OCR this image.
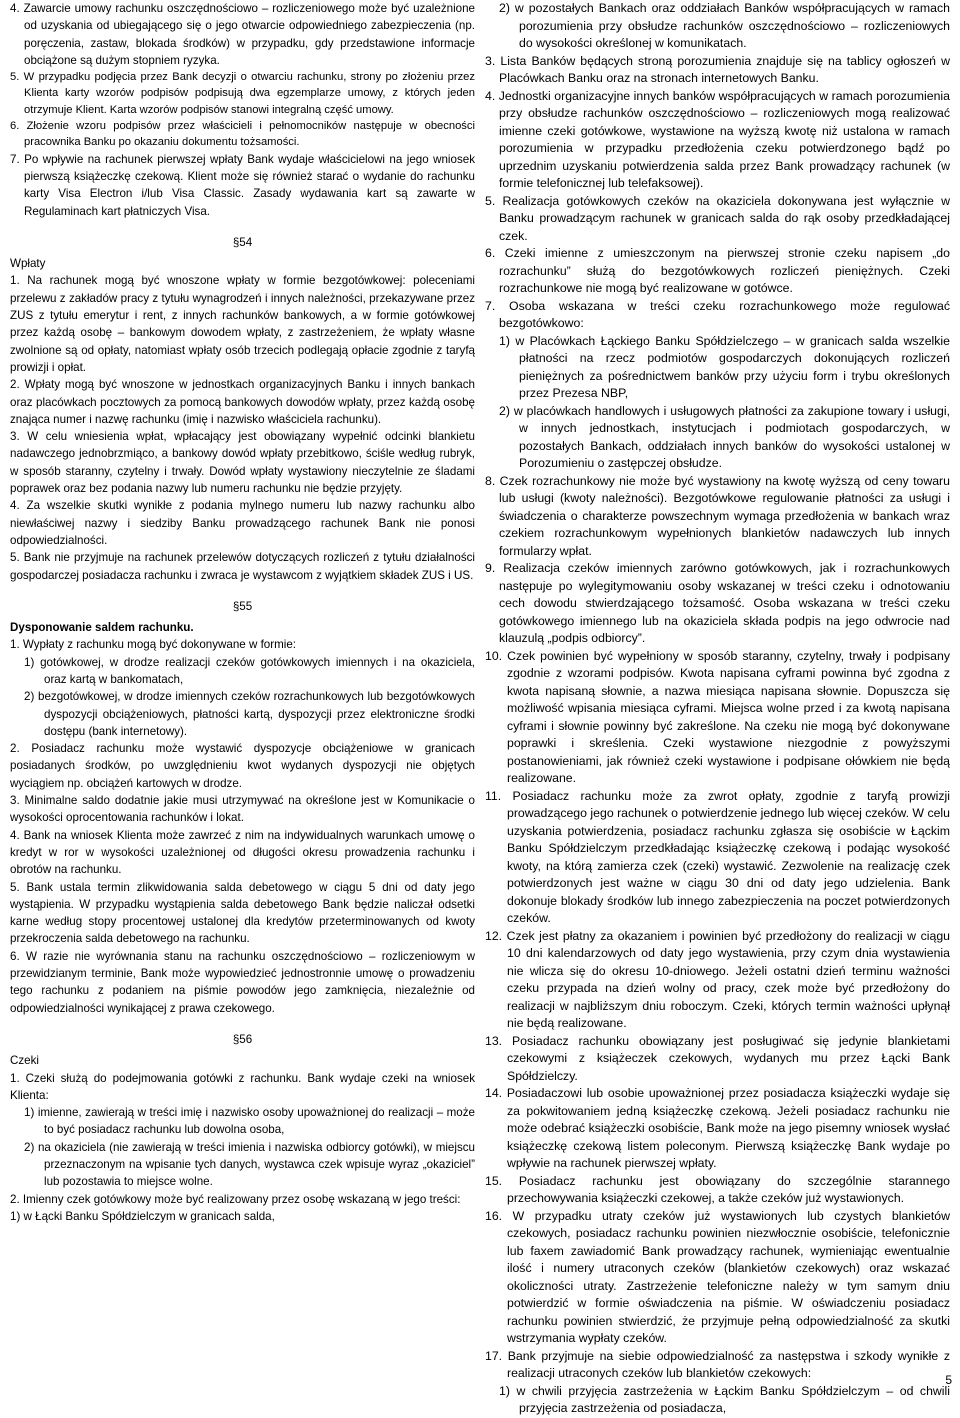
4. Zawarcie umowy rachunku oszczędnościowo – rozliczeniowego może być uzależnione od uzyskania od ubiegającego się o jego otwarcie odpowiedniego zabezpieczenia (np. poręczenia, zastaw, blokada środków) w przypadku, gdy przedstawione informacje obciążone są dużym stopniem ryzyka.

5. W przypadku podjęcia przez Bank decyzji o otwarciu rachunku, strony po złożeniu przez Klienta karty wzorów podpisów podpisują dwa egzemplarze umowy, z których jeden otrzymuje Klient. Karta wzorów podpisów stanowi integralną część umowy.

6. Złożenie wzoru podpisów przez właścicieli i pełnomocników następuje w obecności pracownika Banku po okazaniu dokumentu tożsamości.

7. Po wpływie na rachunek pierwszej wpłaty Bank wydaje właścicielowi na jego wniosek pierwszą książeczkę czekową. Klient może się również starać o wydanie do rachunku karty Visa Electron i/lub Visa Classic. Zasady wydawania kart są zawarte w Regulaminach kart płatniczych Visa.

§54

Wpłaty

1. Na rachunek mogą być wnoszone wpłaty w formie bezgotówkowej: poleceniami przelewu z zakładów pracy z tytułu wynagrodzeń i innych należności, przekazywane przez ZUS z tytułu emerytur i rent, z innych rachunków bankowych, a w formie gotówkowej przez każdą osobę – bankowym dowodem wpłaty, z zastrzeżeniem, że wpłaty własne zwolnione są od opłaty, natomiast wpłaty osób trzecich podlegają opłacie zgodnie z taryfą prowizji i opłat.

2. Wpłaty mogą być wnoszone w jednostkach organizacyjnych Banku i innych bankach oraz placówkach pocztowych za pomocą bankowych dowodów wpłaty, przez każdą osobę znająca numer i nazwę rachunku (imię i nazwisko właściciela rachunku).

3. W celu wniesienia wpłat, wpłacający jest obowiązany wypełnić odcinki blankietu nadawczego jednobrzmiąco, a bankowy dowód wpłaty przebitkowo, ściśle według rubryk, w sposób staranny, czytelny i trwały. Dowód wpłaty wystawiony nieczytelnie ze śladami poprawek oraz bez podania nazwy lub numeru rachunku nie będzie przyjęty.

4. Za wszelkie skutki wynikłe z podania mylnego numeru lub nazwy rachunku albo niewłaściwej nazwy i siedziby Banku prowadzącego rachunek Bank nie ponosi odpowiedzialności.

5. Bank nie przyjmuje na rachunek przelewów dotyczących rozliczeń z tytułu działalności gospodarczej posiadacza rachunku i zwraca je wystawcom z wyjątkiem składek ZUS i US.

§55

Dysponowanie saldem rachunku.

1. Wypłaty z rachunku mogą być dokonywane w formie:

1) gotówkowej, w drodze realizacji czeków gotówkowych imiennych i na okaziciela, oraz kartą w bankomatach,

2) bezgotówkowej, w drodze imiennych czeków rozrachunkowych lub bezgotówkowych dyspozycji obciążeniowych, płatności kartą, dyspozycji przez elektroniczne środki dostępu (bank internetowy).

2. Posiadacz rachunku może wystawić dyspozycje obciążeniowe w granicach posiadanych środków, po uwzględnieniu kwot wydanych dyspozycji nie objętych wyciągiem np. obciążeń kartowych w drodze.

3. Minimalne saldo dodatnie jakie musi utrzymywać na określone jest w Komunikacie o wysokości oprocentowania rachunków i lokat.

4. Bank na wniosek Klienta może zawrzeć z nim na indywidualnych warunkach umowę o kredyt w ror w wysokości uzależnionej od długości okresu prowadzenia rachunku i obrotów na rachunku.

5. Bank ustala termin zlikwidowania salda debetowego w ciągu 5 dni od daty jego wystąpienia. W przypadku wystąpienia salda debetowego Bank będzie naliczał odsetki karne według stopy procentowej ustalonej dla kredytów przeterminowanych od kwoty przekroczenia salda debetowego na rachunku.

6. W razie nie wyrównania stanu na rachunku oszczędnościowo – rozliczeniowym w przewidzianym terminie, Bank może wypowiedzieć jednostronnie umowę o prowadzeniu tego rachunku z podaniem na piśmie powodów jego zamknięcia, niezależnie od odpowiedzialności wynikającej z prawa czekowego.

§56

Czeki

1. Czeki służą do podejmowania gotówki z rachunku. Bank wydaje czeki na wniosek Klienta:

1) imienne, zawierają w treści imię i nazwisko osoby upoważnionej do realizacji – może to być posiadacz rachunku lub dowolna osoba,

2) na okaziciela (nie zawierają w treści imienia i nazwiska odbiorcy gotówki), w miejscu przeznaczonym na wpisanie tych danych, wystawca czek wpisuje wyraz „okaziciel” lub pozostawia to miejsce wolne.

2. Imienny czek gotówkowy może być realizowany przez osobę wskazaną w jego treści:

1) w Łącki Banku Spółdzielczym w granicach salda,

2) w pozostałych Bankach oraz oddziałach Banków współpracujących w ramach porozumienia przy obsłudze rachunków oszczędnościowo – rozliczeniowych do wysokości określonej w komunikatach.

3. Lista Banków będących stroną porozumienia znajduje się na tablicy ogłoszeń w Placówkach Banku oraz na stronach internetowych Banku.

4. Jednostki organizacyjne innych banków współpracujących w ramach porozumienia przy obsłudze rachunków oszczędnościowo – rozliczeniowych mogą realizować imienne czeki gotówkowe, wystawione na wyższą kwotę niż ustalona w ramach porozumienia w przypadku przedłożenia czeku potwierdzonego bądź po uprzednim uzyskaniu potwierdzenia salda przez Bank prowadzący rachunek (w formie telefonicznej lub telefaksowej).

5. Realizacja gotówkowych czeków na okaziciela dokonywana jest wyłącznie w Banku prowadzącym rachunek w granicach salda do rąk osoby przedkładającej czek.

6. Czeki imienne z umieszczonym na pierwszej stronie czeku napisem „do rozrachunku” służą do bezgotówkowych rozliczeń pieniężnych. Czeki rozrachunkowe nie mogą być realizowane w gotówce.

7. Osoba wskazana w treści czeku rozrachunkowego może regulować bezgotówkowo:

1) w Placówkach Łąckiego Banku Spółdzielczego – w granicach salda wszelkie płatności na rzecz podmiotów gospodarczych dokonujących rozliczeń pieniężnych za pośrednictwem banków przy użyciu form i trybu określonych przez Prezesa NBP,

2) w placówkach handlowych i usługowych płatności za zakupione towary i usługi, w innych jednostkach, instytucjach i podmiotach gospodarczych, w pozostałych Bankach, oddziałach innych banków do wysokości ustalonej w Porozumieniu o zastępczej obsłudze.

8. Czek rozrachunkowy nie może być wystawiony na kwotę wyższą od ceny towaru lub usługi (kwoty należności). Bezgotówkowe regulowanie płatności za usługi i świadczenia o charakterze powszechnym wymaga przedłożenia w bankach wraz czekiem rozrachunkowym wypełnionych blankietów nadawczych lub innych formularzy wpłat.

9. Realizacja czeków imiennych zarówno gotówkowych, jak i rozrachunkowych następuje po wylegitymowaniu osoby wskazanej w treści czeku i odnotowaniu cech dowodu stwierdzającego tożsamość. Osoba wskazana w treści czeku gotówkowego imiennego lub na okaziciela składa podpis na jego odwrocie nad klauzulą „podpis odbiorcy”.

10. Czek powinien być wypełniony w sposób staranny, czytelny, trwały i podpisany zgodnie z wzorami podpisów. Kwota napisana cyframi powinna być zgodna z kwota napisaną słownie, a nazwa miesiąca napisana słownie. Dopuszcza się możliwość wpisania miesiąca cyframi. Miejsca wolne przed i za kwotą napisana cyframi i słownie powinny być zakreślone. Na czeku nie mogą być dokonywane poprawki i skreślenia. Czeki wystawione niezgodnie z powyższymi postanowieniami, jak również czeki wystawione i podpisane ołówkiem nie będą realizowane.

11. Posiadacz rachunku może za zwrot opłaty, zgodnie z taryfą prowizji prowadzącego jego rachunek o potwierdzenie jednego lub więcej czeków. W celu uzyskania potwierdzenia, posiadacz rachunku zgłasza się osobiście w Łąckim Banku Spółdzielczym przedkładając książeczkę czekową i podając wysokość kwoty, na którą zamierza czek (czeki) wystawić. Zezwolenie na realizację czek potwierdzonych jest ważne w ciągu 30 dni od daty jego udzielenia. Bank dokonuje blokady środków lub innego zabezpieczenia na poczet potwierdzonych czeków.

12. Czek jest płatny za okazaniem i powinien być przedłożony do realizacji w ciągu 10 dni kalendarzowych od daty jego wystawienia, przy czym dnia wystawienia nie wlicza się do okresu 10-dniowego. Jeżeli ostatni dzień terminu ważności czeku przypada na dzień wolny od pracy, czek może być przedłożony do realizacji w najbliższym dniu roboczym. Czeki, których termin ważności upłynął nie będą realizowane.

13. Posiadacz rachunku obowiązany jest posługiwać się jedynie blankietami czekowymi z książeczek czekowych, wydanych mu przez Łącki Bank Spółdzielczy.

14. Posiadaczowi lub osobie upoważnionej przez posiadacza książeczki wydaje się za pokwitowaniem jedną książeczkę czekową. Jeżeli posiadacz rachunku nie może odebrać książeczki osobiście, Bank może na jego pisemny wniosek wysłać książeczkę czekową listem poleconym. Pierwszą książeczkę Bank wydaje po wpływie na rachunek pierwszej wpłaty.

15. Posiadacz rachunku jest obowiązany do szczególnie starannego przechowywania książeczki czekowej, a także czeków już wystawionych.

16. W przypadku utraty czeków już wystawionych lub czystych blankietów czekowych, posiadacz rachunku powinien niezwłocznie osobiście, telefonicznie lub faxem zawiadomić Bank prowadzący rachunek, wymieniając ewentualnie ilość i numery utraconych czeków (blankietów czekowych) oraz wskazać okoliczności utraty. Zastrzeżenie telefoniczne należy w tym samym dniu potwierdzić w formie oświadczenia na piśmie. W oświadczeniu posiadacz rachunku powinien stwierdzić, że przyjmuje pełną odpowiedzialność za skutki wstrzymania wypłaty czeków.

17. Bank przyjmuje na siebie odpowiedzialność za następstwa i szkody wynikłe z realizacji utraconych czeków lub blankietów czekowych:

1) w chwili przyjęcia zastrzeżenia w Łąckim Banku Spółdzielczym – od chwili przyjęcia zastrzeżenia od posiadacza,

5
